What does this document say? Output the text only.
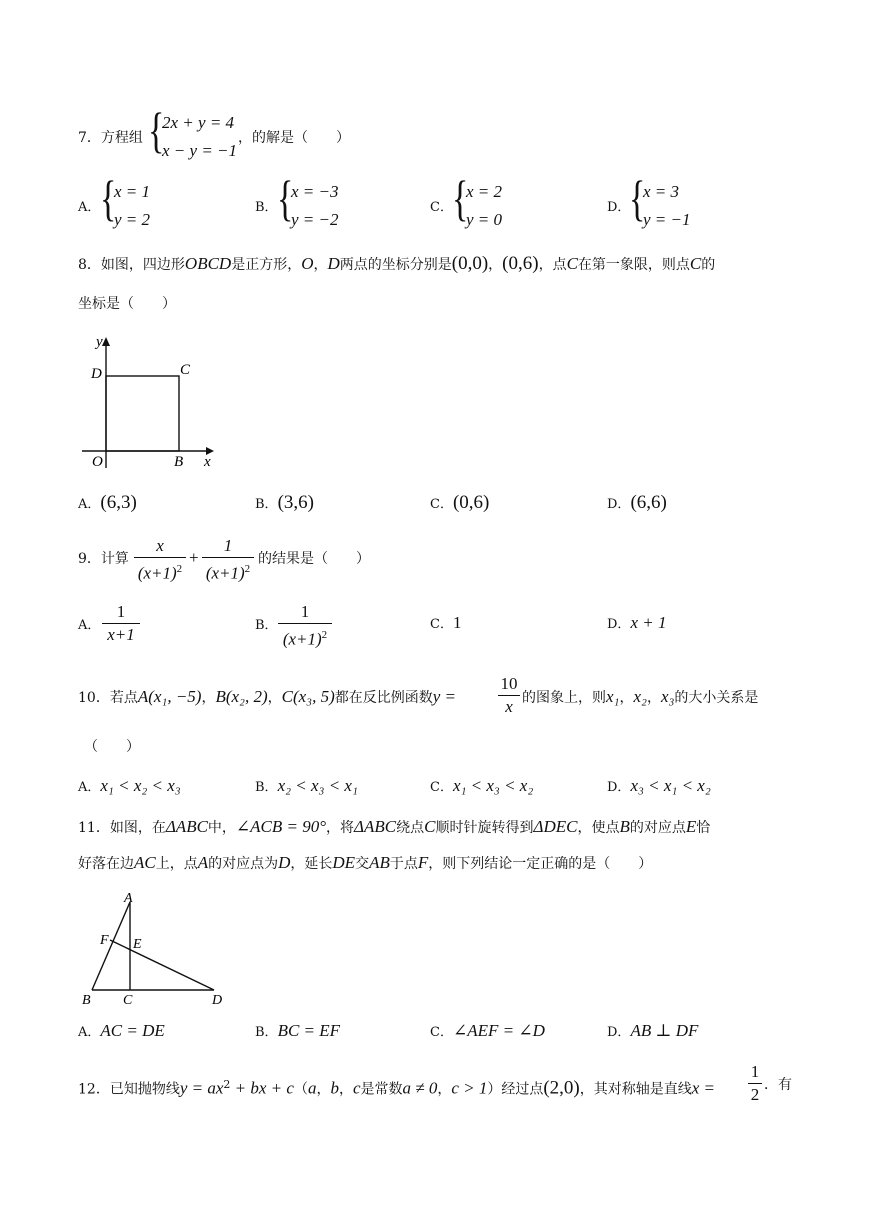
7．方程组 {
2x + y = 4
x − y = −1
，的解是（　　）
A． {
x = 1
y = 2
B． {
x = −3
y = −2
C． {
x = 2
y = 0
D．
{
x = 3
y = −1
8．如图，四边形OBCD是正方形，O，D两点的坐标分别是(0,0)，(0,6)，点C在第一象限，则点C的
坐标是（　　）
y
x
O	B
C
D
A．(6,3)	B．(3,6)	C．(0,6)	D．(6,6)
9．计算
x
$(x+1)^2$
+
1
$(x+1)^2$
的结果是（　　）
A．
1
x+1	B．
1
$(x+1)^2$
C．1	D．x + 1
10．若点A(x₁, −5)，B(x₂, 2)，C(x₃, 5)都在反比例函数y =
10
x 的图象上，则x₁，x₂，x₃的大小关系是
（　　）
A．x₁ < x₂ < x₃	B．x₂ < x₃ < x₁	C．x₁ < x₃ < x₂	D．x₃ < x₁ < x₂
11．如图，在ΔABC中，∠ACB = 90°，将ΔABC绕点C顺时针旋转得到ΔDEC，使点B的对应点E恰
好落在边AC上，点A的对应点为D，延长DE交AB于点F，则下列结论一定正确的是（　　）
A
B C	D
E
F
A．AC = DE	B．BC = EF	C．∠AEF = ∠D	D．AB ⊥ DF
12．已知抛物线$y = ax^2$ + bx + c（a，b，c是常数a ≠ 0，c > 1）经过点(2,0)，其对称轴是直线x =
1
2 ．有
